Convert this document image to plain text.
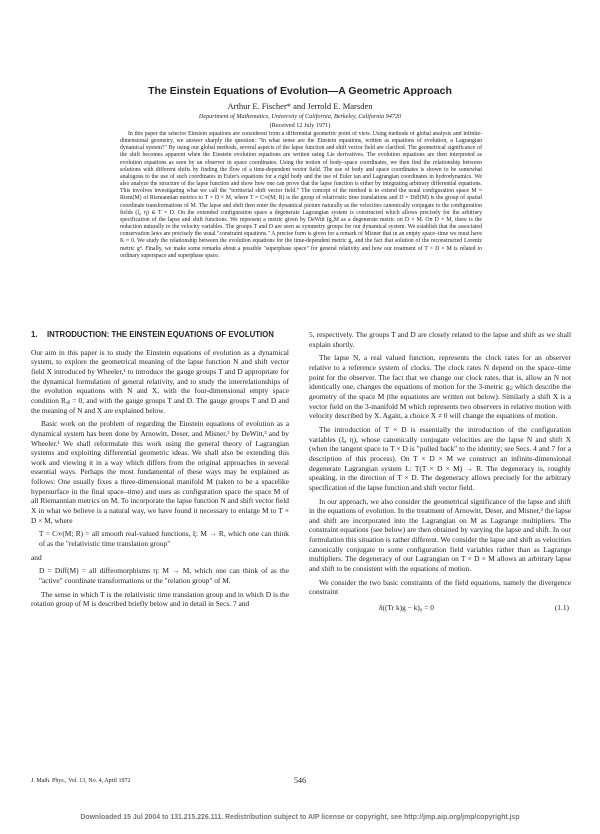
The Einstein Equations of Evolution—A Geometric Approach
Arthur E. Fischer* and Jerrold E. Marsden
Department of Mathematics, University of California, Berkeley, California 94720
(Received 12 July 1971)

In this paper the selector Einstein equations are considered from a differential geometric point of view. Using methods of global analysis and infinite-dimensional geometry, we answer sharply the question: "In what sense are the Einstein equations, written as equations of evolution, a Lagrangian dynamical system?" By using our global methods, several aspects of the lapse function and shift vector field are clarified. The geometrical significance of the shift becomes apparent when the Einstein evolution equations are written using Lie derivatives. The evolution equations are then interpreted as evolution equations as seen by an observer in space coordinates. Using the notion of body–space coordinates, we then find the relationship between solutions with different shifts by finding the flow of a time-dependent vector field. The use of body and space coordinates is shown to be somewhat analogous to the use of such coordinates in Euler's equations for a rigid body and the use of Euler ian and Lagrangian coordinates in hydrodynamics. We also analyze the structure of the lapse function and show how one can prove that the lapse function is either by integrating arbitrary differential equations. This involves investigating what we call the "territorial shift vector field." The concept of the method is to extend the usual configuration space M = Riem(M) of Riemannian metrics to T × D × M, where T = C∞(M; R) is the group of relativistic time translations and D = Diff(M) is the group of spatial coordinate transformations of M. The lapse and shift then enter the dynamical picture naturally as the velocities canonically conjugate to the configuration fields (ξ, η) ∈ T × D. On the extended configuration space a degenerate Lagrangian system is constructed which allows precisely for the arbitrary specification of the lapse and shift functions. We represent a metric given by DeWitt (g₀M as a degenerate metric on D × M. On D × M, there is the reduction naturally to the velocity variables. The groups T and D are seen as symmetry groups for our dynamical system. We establish that the associated conservation laws are precisely the usual "constraint equations." A precise form is given for a remark of Misner that in an empty space–time we must have K = 0. We study the relationship between the evolution equations for the time-dependent metric g₀ and the fact that solution of the reconstructed Lorentz metric g⁴. Finally, we make some remarks about a possible "superphase space" for general relativity and how our treatment of T × D × M is related to ordinary superspace and superphase space.

1.	INTRODUCTION: THE EINSTEIN EQUATIONS OF EVOLUTION

Our aim in this paper is to study the Einstein equations of evolution as a dynamical system, to explore the geometrical meaning of the lapse function N and shift vector field X introduced by Wheeler,¹ to introduce the gauge groups T and D appropriate for the dynamical formulation of general relativity, and to study the interrelationships of the evolution equations with N and X, with the four-dimensional empty space condition Rₐᵦ = 0, and with the gauge groups T and D. The gauge groups T and D and the meaning of N and X are explained below.

Basic work on the problem of regarding the Einstein equations of evolution as a dynamical system has been done by Arnowitt, Deser, and Misner,² by DeWitt,³ and by Wheeler.¹ We shall reformulate this work using the general theory of Lagrangian systems and exploiting differential geometric ideas. We shall also be extending this work and viewing it in a way which differs from the original approaches in several essential ways. Perhaps the most fundamental of these ways may be explained as follows: One usually fixes a three-dimensional manifold M (taken to be a spacelike hypersurface in the final space–time) and uses as configuration space the space M of all Riemannian metrics on M. To incorporate the lapse function N and shift vector field X in what we believe is a natural way, we have found it necessary to enlarge M to T × D × M, where

T = C∞(M; R) = all smooth real-valued functions, ξ: M → R, which one can think of as the "relativistic time translation group"

and

D = Diff(M) = all diffeomorphisms η: M → M, which one can think of as the "active" coordinate transformations or the "relation group" of M.

The sense in which T is the relativistic time translation group and in which D is the rotation group of M is described briefly below and in detail in Secs. 7 and

5, respectively. The groups T and D are closely related to the lapse and shift as we shall explain shortly.

The lapse N, a real valued function, represents the clock rates for an observer relative to a reference system of clocks. The clock rates N depend on the space–time point for the observer. The fact that we change our clock rates, that is, allow an N not identically one, changes the equations of motion for the 3-metric gᵢⱼ which describe the geometry of the space M (the equations are written out below). Similarly a shift X is a vector field on the 3-manifold M which represents two observers in relative motion with velocity described by X. Again, a choice X ≠ 0 will change the equations of motion.

The introduction of T × D is essentially the introduction of the configuration variables (ξ, η), whose canonically conjugate velocities are the lapse N and shift X (when the tangent space to T × D is "pulled back" to the identity; see Secs. 4 and 7 for a description of this process). On T × D × M we construct an infinite-dimensional degenerate Lagrangian system L: T(T × D × M) → R. The degeneracy is, roughly speaking, in the direction of T × D. The degeneracy allows precisely for the arbitrary specification of the lapse function and shift vector field.

In our approach, we also consider the geometrical significance of the lapse and shift in the equations of evolution. In the treatment of Arnowitt, Deser, and Misner,² the lapse and shift are incorporated into the Lagrangian on M as Lagrange multipliers. The constraint equations (see below) are then obtained by varying the lapse and shift. In our formulation this situation is rather different. We consider the lapse and shift as velocities canonically conjugate to some configuration field variables rather than as Lagrange multipliers. The degeneracy of our Lagrangian on T × D × M allows an arbitrary lapse and shift to be consistent with the equations of motion.

We consider the two basic constraints of the field equations, namely the divergence constraint

δ((Tr k)g − k)₀ = 0	(1.1)
J. Math. Phys., Vol. 13, No. 4, April 1972	546
Downloaded 15 Jul 2004 to 131.215.226.111. Redistribution subject to AIP license or copyright, see http://jmp.aip.org/jmp/copyright.jsp
